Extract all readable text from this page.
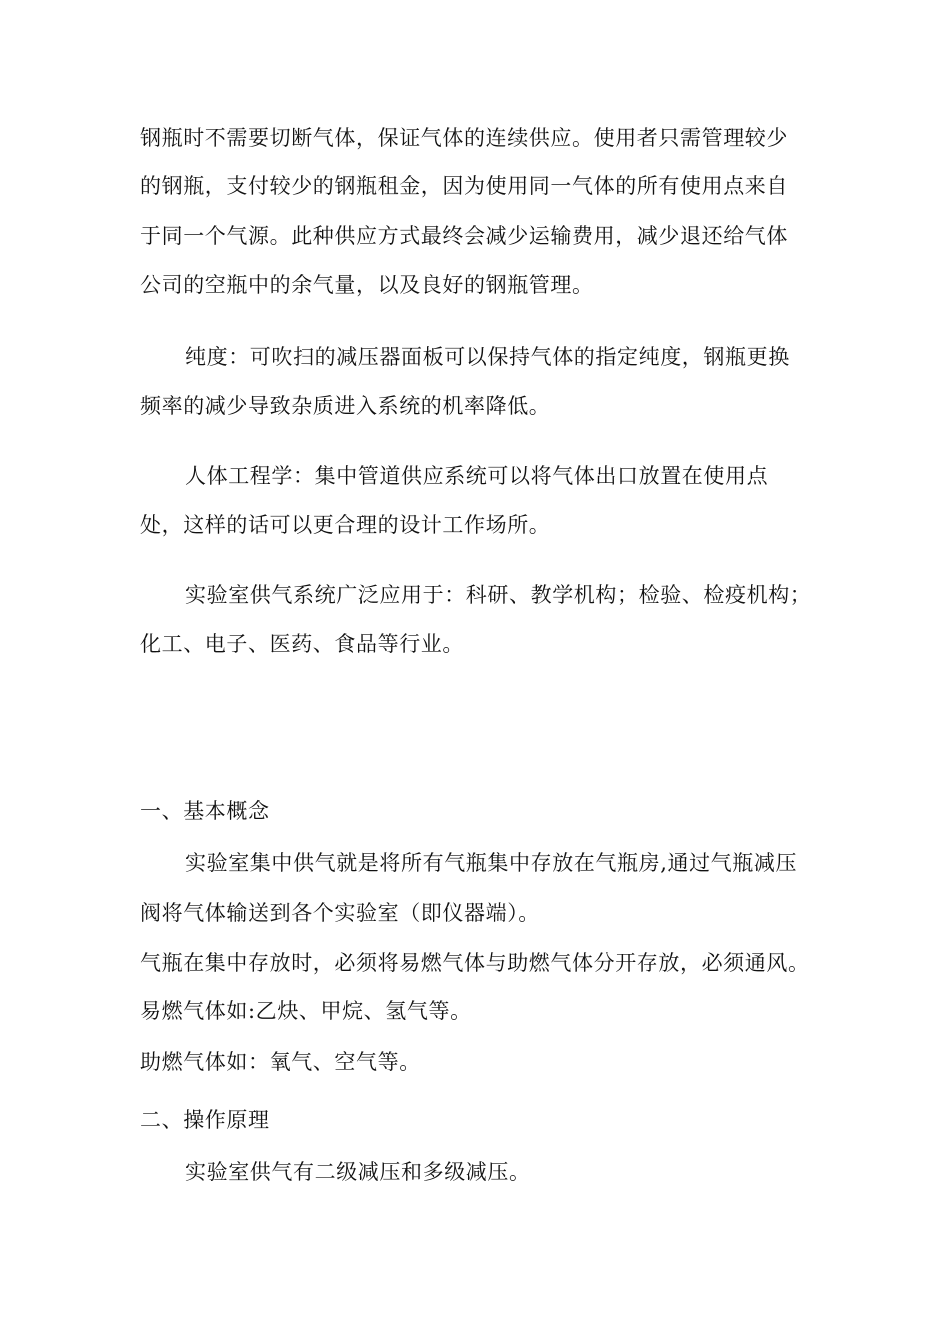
钢瓶时不需要切断气体，保证气体的连续供应。使用者只需管理较少
的钢瓶，支付较少的钢瓶租金，因为使用同一气体的所有使用点来自
于同一个气源。此种供应方式最终会减少运输费用，减少退还给气体
公司的空瓶中的余气量，以及良好的钢瓶管理。
纯度：可吹扫的减压器面板可以保持气体的指定纯度，钢瓶更换
频率的减少导致杂质进入系统的机率降低。
人体工程学：集中管道供应系统可以将气体出口放置在使用点
处，这样的话可以更合理的设计工作场所。
实验室供气系统广泛应用于：科研、教学机构；检验、检疫机构；
化工、电子、医药、食品等行业。
一、基本概念
实验室集中供气就是将所有气瓶集中存放在气瓶房,通过气瓶减压
阀将气体输送到各个实验室（即仪器端）。
气瓶在集中存放时，必须将易燃气体与助燃气体分开存放，必须通风。
易燃气体如:乙炔、甲烷、氢气等。
助燃气体如：氧气、空气等。
二、操作原理
实验室供气有二级减压和多级减压。
